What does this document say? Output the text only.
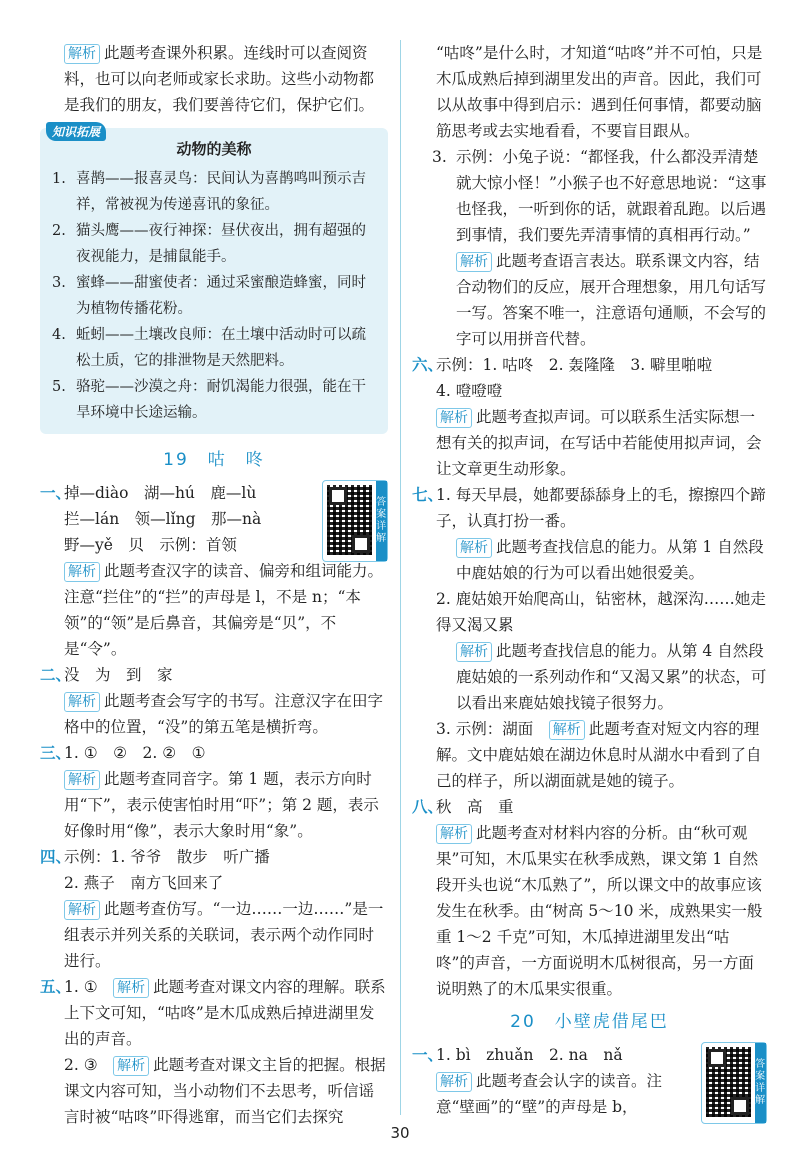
解析 此题考查课外积累。连线时可以查阅资料，也可以向老师或家长求助。这些小动物都是我们的朋友，我们要善待它们，保护它们。

知识拓展
动物的美称
1. 喜鹊——报喜灵鸟：民间认为喜鹊鸣叫预示吉祥，常被视为传递喜讯的象征。
2. 猫头鹰——夜行神探：昼伏夜出，拥有超强的夜视能力，是捕鼠能手。
3. 蜜蜂——甜蜜使者：通过采蜜酿造蜂蜜，同时为植物传播花粉。
4. 蚯蚓——土壤改良师：在土壤中活动时可以疏松土质，它的排泄物是天然肥料。
5. 骆驼——沙漠之舟：耐饥渴能力很强，能在干旱环境中长途运输。
19　咕　咚
答案详解
一、
掉—diào　湖—hú　鹿—lù

拦—lán　领—lǐng　那—nà

野—yě　贝　示例：首领

解析 此题考查汉字的读音、偏旁和组词能力。注意“拦住”的“拦”的声母是 l，不是 n；“本领”的“领”是后鼻音，其偏旁是“贝”，不是“令”。

二、
没　为　到　家

解析 此题考查会写字的书写。注意汉字在田字格中的位置，“没”的第五笔是横折弯。

三、
1. ①　②　2. ②　①

解析 此题考查同音字。第 1 题，表示方向时用“下”，表示使害怕时用“吓”；第 2 题，表示好像时用“像”，表示大象时用“象”。

四、
示例：1. 爷爷　散步　听广播

2. 燕子　南方飞回来了

解析 此题考查仿写。“一边……一边……”是一组表示并列关系的关联词，表示两个动作同时进行。

五、
1. ①　 解析 此题考查对课文内容的理解。联系上下文可知，“咕咚”是木瓜成熟后掉进湖里发出的声音。

2. ③　 解析 此题考查对课文主旨的把握。根据课文内容可知，当小动物们不去思考，听信谣言时被“咕咚”吓得逃窜，而当它们去探究

“咕咚”是什么时，才知道“咕咚”并不可怕，只是木瓜成熟后掉到湖里发出的声音。因此，我们可以从故事中得到启示：遇到任何事情，都要动脑筋思考或去实地看看，不要盲目跟从。

3. 示例：小兔子说：“都怪我，什么都没弄清楚就大惊小怪！”小猴子也不好意思地说：“这事也怪我，一听到你的话，就跟着乱跑。以后遇到事情，我们要先弄清事情的真相再行动。”

解析 此题考查语言表达。联系课文内容，结合动物们的反应，展开合理想象，用几句话写一写。答案不唯一，注意语句通顺，不会写的字可以用拼音代替。

六、
示例：1. 咕咚　2. 轰隆隆　3. 噼里啪啦

4. 噔噔噔

解析 此题考查拟声词。可以联系生活实际想一想有关的拟声词，在写话中若能使用拟声词，会让文章更生动形象。

七、
1. 每天早晨，她都要舔舔身上的毛，擦擦四个蹄子，认真打扮一番。

解析 此题考查找信息的能力。从第 1 自然段中鹿姑娘的行为可以看出她很爱美。

2. 鹿姑娘开始爬高山，钻密林，越深沟……她走得又渴又累

解析 此题考查找信息的能力。从第 4 自然段鹿姑娘的一系列动作和“又渴又累”的状态，可以看出来鹿姑娘找镜子很努力。

3. 示例：湖面　 解析 此题考查对短文内容的理解。文中鹿姑娘在湖边休息时从湖水中看到了自己的样子，所以湖面就是她的镜子。

八、
秋　高　重

解析 此题考查对材料内容的分析。由“秋可观果”可知，木瓜果实在秋季成熟，课文第 1 自然段开头也说“木瓜熟了”，所以课文中的故事应该发生在秋季。由“树高 5～10 米，成熟果实一般重 1～2 千克”可知，木瓜掉进湖里发出“咕咚”的声音，一方面说明木瓜树很高，另一方面说明熟了的木瓜果实很重。

20　小壁虎借尾巴
答案详解
一、
1. bì　zhuǎn　2. na　nǎ

解析 此题考查会认字的读音。注意“壁画”的“壁”的声母是 b，

30
